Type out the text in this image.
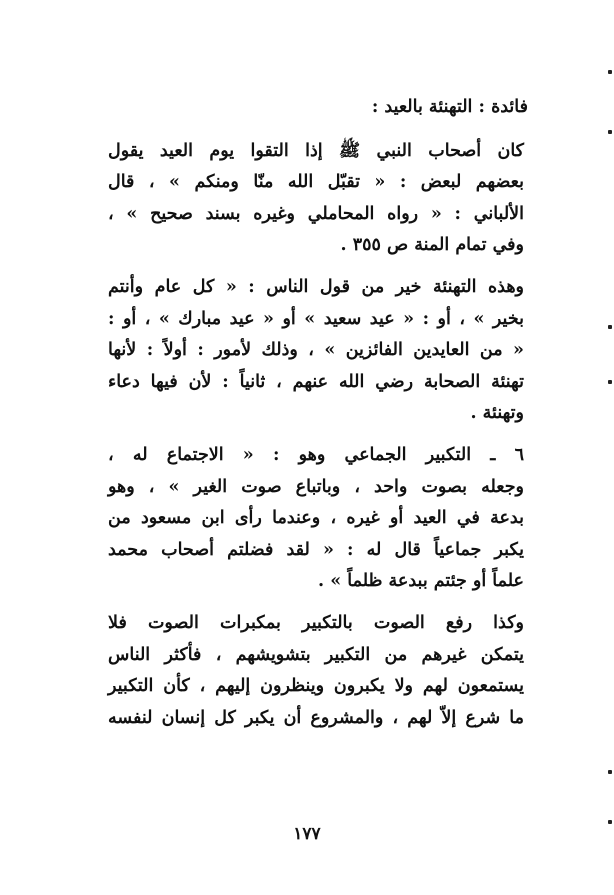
فائدة : التهنئة بالعيد :
كان أصحاب النبي ﷺ إذا التقوا يوم العيد يقول
بعضهم لبعض : « تقبّل الله منّا ومنكم » ، قال
الألباني : « رواه المحاملي وغيره بسند صحيح » ،
وفي تمام المنة ص ٣٥٥ .
وهذه التهنئة خير من قول الناس : « كل عام وأنتم
بخير » ، أو : « عيد سعيد » أو « عيد مبارك » ، أو :
« من العايدين الفائزين » ، وذلك لأمور : أولاً : لأنها
تهنئة الصحابة رضي الله عنهم ، ثانياً : لأن فيها دعاء
وتهنئة .
٦ ـ التكبير الجماعي وهو : « الاجتماع له ،
وجعله بصوت واحد ، وباتباع صوت الغير » ، وهو
بدعة في العيد أو غيره ، وعندما رأى ابن مسعود من
يكبر جماعياً قال له : « لقد فضلتم أصحاب محمد
علماً أو جئتم ببدعة ظلماً » .
وكذا رفع الصوت بالتكبير بمكبرات الصوت فلا
يتمكن غيرهم من التكبير بتشويشهم ، فأكثر الناس
يستمعون لهم ولا يكبرون وينظرون إليهم ، كأن التكبير
ما شرع إلاّ لهم ، والمشروع أن يكبر كل إنسان لنفسه
١٧٧
